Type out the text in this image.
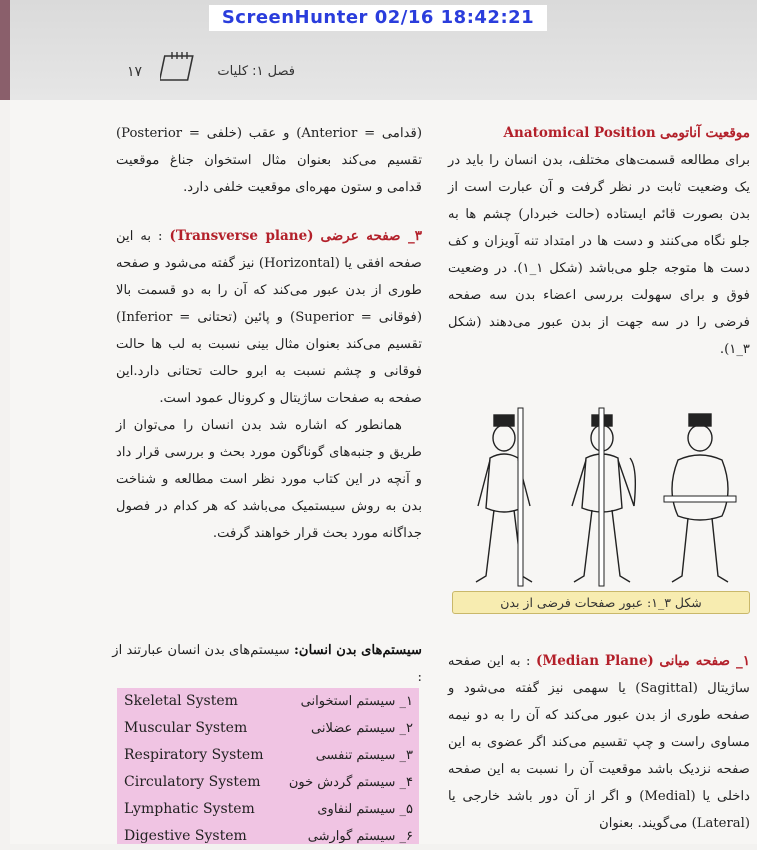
ScreenHunter 02/16 18:42:21
۱۷	فصل ۱: کلیات

موقعیت آناتومی Anatomical Position

برای مطالعه قسمت‌های مختلف، بدن انسان را باید در یک وضعیت ثابت در نظر گرفت و آن عبارت است از بدن بصورت قائم ایستاده (حالت خبردار) چشم ها به جلو نگاه می‌کنند و دست ها در امتداد تنه آویزان و کف دست ها متوجه جلو می‌باشد (شکل ۱_۱). در وضعیت فوق و برای سهولت بررسی اعضاء بدن سه صفحه فرضی را در سه جهت از بدن عبور می‌دهند (شکل ۳_۱).

شکل ۳_۱: عبور صفحات فرضی از بدن

۱_ صفحه میانی (Median Plane) : به این صفحه ساژیتال (Sagittal) یا سهمی نیز گفته می‌شود و صفحه طوری از بدن عبور می‌کند که آن را به دو نیمه مساوی راست و چپ تقسیم می‌کند اگر عضوی به این صفحه نزدیک باشد موقعیت آن را نسبت به این صفحه داخلی یا (Medial) و اگر از آن دور باشد خارجی یا (Lateral) می‌گویند. بعنوان

(قدامی = Anterior) و عقب (خلفی = Posterior) تقسیم می‌کند بعنوان مثال استخوان جناغ موقعیت قدامی و ستون مهره‌ای موقعیت خلفی دارد.

۳_ صفحه عرضی (Transverse plane) : به این صفحه افقی یا (Horizontal) نیز گفته می‌شود و صفحه طوری از بدن عبور می‌کند که آن را به دو قسمت بالا (فوقانی = Superior) و پائین (تحتانی = Inferior) تقسیم می‌کند بعنوان مثال بینی نسبت به لب ها حالت فوقانی و چشم نسبت به ابرو حالت تحتانی دارد.این صفحه به صفحات ساژیتال و کرونال عمود است.

همانطور که اشاره شد بدن انسان را می‌توان از طریق و جنبه‌های گوناگون مورد بحث و بررسی قرار داد و آنچه در این کتاب مورد نظر است مطالعه و شناخت بدن به روش سیستمیک می‌باشد که هر کدام در فصول جداگانه مورد بحث قرار خواهند گرفت.

سیستم‌های بدن انسان: سیستم‌های بدن انسان عبارتند از :
Skeletal System	۱_ سیستم استخوانی
Muscular System	۲_ سیستم عضلانی
Respiratory System	۳_ سیستم تنفسی
Circulatory System ۴_ سیستم گردش خون
Lymphatic System	۵_ سیستم لنفاوی
Digestive System	۶_ سیستم گوارشی
